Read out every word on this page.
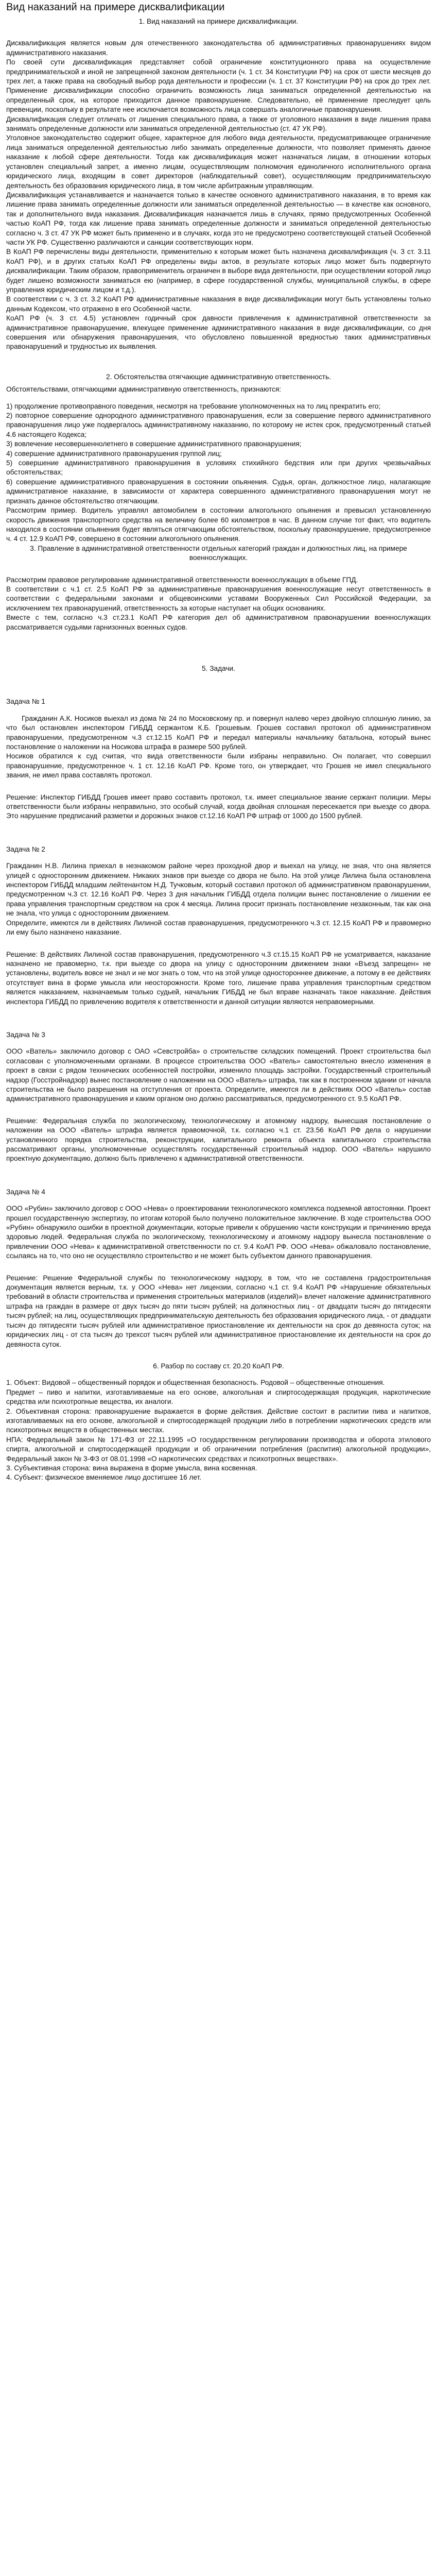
Вид наказаний на примере дисквалификации

1. Вид наказаний на примере дисквалификации.

Дисквалификация является новым для отечественного законодательства об административных правонарушениях видом административного наказания.

По своей сути дисквалификация представляет собой ограничение конституционного права на осуществление предпринимательской и иной не запрещенной законом деятельности (ч. 1 ст. 34 Конституции РФ) на срок от шести месяцев до трех лет, а также права на свободный выбор рода деятельности и профессии (ч. 1 ст. 37 Конституции РФ) на срок до трех лет. Применение дисквалификации способно ограничить возможность лица заниматься определенной деятельностью на определенный срок, на которое приходится данное правонарушение. Следовательно, её применение преследует цель превенции, поскольку в результате нее исключается возможность лица совершать аналогичные правонарушения.

Дисквалификация следует отличать от лишения специального права, а также от уголовного наказания в виде лишения права занимать определенные должности или заниматься определенной деятельностью (ст. 47 УК РФ).

Уголовное законодательство содержит общее, характерное для любого вида деятельности, предусматривающее ограничение лица заниматься определенной деятельностью либо занимать определенные должности, что позволяет применять данное наказание к любой сфере деятельности. Тогда как дисквалификация может назначаться лицам, в отношении которых установлен специальный запрет, а именно лицам, осуществляющим полномочия единоличного исполнительного органа юридического лица, входящим в совет директоров (наблюдательный совет), осуществляющим предпринимательскую деятельность без образования юридического лица, в том числе арбитражным управляющим.

Дисквалификация устанавливается и назначается только в качестве основного административного наказания, в то время как лишение права занимать определенные должности или заниматься определенной деятельностью — в качестве как основного, так и дополнительного вида наказания. Дисквалификация назначается лишь в случаях, прямо предусмотренных Особенной частью КоАП РФ, тогда как лишение права занимать определенные должности и заниматься определенной деятельностью согласно ч. 3 ст. 47 УК РФ может быть применено и в случаях, когда это не предусмотрено соответствующей статьей Особенной части УК РФ. Существенно различаются и санкции соответствующих норм.

В КоАП РФ перечислены виды деятельности, применительно к которым может быть назначена дисквалификация (ч. 3 ст. 3.11 КоАП РФ), и в других статьях КоАП РФ определены виды актов, в результате которых лицо может быть подвергнуто дисквалификации. Таким образом, правоприменитель ограничен в выборе вида деятельности, при осуществлении которой лицо будет лишено возможности заниматься ею (например, в сфере государственной службы, муниципальной службы, в сфере управления юридическим лицом и т.д.).

В соответствии с ч. 3 ст. 3.2 КоАП РФ административные наказания в виде дисквалификации могут быть установлены только данным Кодексом, что отражено в его Особенной части.

КоАП РФ (ч. 3 ст. 4.5) установлен годичный срок давности привлечения к административной ответственности за административное правонарушение, влекущее применение административного наказания в виде дисквалификации, со дня совершения или обнаружения правонарушения, что обусловлено повышенной вредностью таких административных правонарушений и трудностью их выявления.

2. Обстоятельства отягчающие административную ответственность.

Обстоятельствами, отягчающими административную ответственность, признаются:

1) продолжение противоправного поведения, несмотря на требование уполномоченных на то лиц прекратить его;

2) повторное совершение однородного административного правонарушения, если за совершение первого административного правонарушения лицо уже подвергалось административному наказанию, по которому не истек срок, предусмотренный статьей 4.6 настоящего Кодекса;

3) вовлечение несовершеннолетнего в совершение административного правонарушения;

4) совершение административного правонарушения группой лиц;

5) совершение административного правонарушения в условиях стихийного бедствия или при других чрезвычайных обстоятельствах;

6) совершение административного правонарушения в состоянии опьянения. Судья, орган, должностное лицо, налагающие административное наказание, в зависимости от характера совершенного административного правонарушения могут не признать данное обстоятельство отягчающим.

Рассмотрим пример. Водитель управлял автомобилем в состоянии алкогольного опьянения и превысил установленную скорость движения транспортного средства на величину более 60 километров в час. В данном случае тот факт, что водитель находился в состоянии опьянения будет являться отягчающим обстоятельством, поскольку правонарушение, предусмотренное ч. 4 ст. 12.9 КоАП РФ, совершено в состоянии алкогольного опьянения.

3. Правление в административной ответственности отдельных категорий граждан и должностных лиц, на примере военнослужащих.

Рассмотрим правовое регулирование административной ответственности военнослужащих в объеме ГПД.

В соответствии с ч.1 ст. 2.5 КоАП РФ за административные правонарушения военнослужащие несут ответственность в соответствии с федеральными законами и общевоинскими уставами Вооруженных Сил Российской Федерации, за исключением тех правонарушений, ответственность за которые наступает на общих основаниях.

Вместе с тем, согласно ч.3 ст.23.1 КоАП РФ категория дел об административном правонарушении военнослужащих рассматривается судьями гарнизонных военных судов.

5. Задачи.

Задача № 1

Гражданин А.К. Носиков выехал из дома № 24 по Московскому пр. и повернул налево через двойную сплошную линию, за что был остановлен инспектором ГИБДД сержантом К.Б. Грошевым. Грошев составил протокол об административном правонарушении, предусмотренном ч.3 ст.12.15 КоАП РФ и передал материалы начальнику батальона, который вынес постановление о наложении на Носикова штрафа в размере 500 рублей.

Носиков обратился к суд считая, что вида ответственности были избраны неправильно. Он полагает, что совершил правонарушение, предусмотренное ч. 1 ст. 12.16 КоАП РФ. Кроме того, он утверждает, что Грошев не имел специального звания, не имел права составлять протокол.

Решение: Инспектор ГИБДД Грошев имеет право составить протокол, т.к. имеет специальное звание сержант полиции. Меры ответственности были избраны неправильно, это особый случай, когда двойная сплошная пересекается при выезде со двора. Это нарушение предписаний разметки и дорожных знаков ст.12.16 КоАП РФ штраф от 1000 до 1500 рублей.

Задача № 2

Гражданин Н.В. Лилина приехал в незнакомом районе через проходной двор и выехал на улицу, не зная, что она является улицей с односторонним движением. Никаких знаков при выезде со двора не было. На этой улице Лилина была остановлена инспектором ГИБДД младшим лейтенантом Н.Д. Тучковым, который составил протокол об административном правонарушении, предусмотренном ч.3 ст. 12.16 КоАП РФ. Через 3 дня начальник ГИБДД отдела полиции вынес постановление о лишении ее права управления транспортным средством на срок 4 месяца. Лилина просит признать постановление незаконным, так как она не знала, что улица с односторонним движением.

Определите, имеются ли в действиях Лилиной состав правонарушения, предусмотренного ч.3 ст. 12.15 КоАП РФ и правомерно ли ему было назначено наказание.

Решение: В действиях Лилиной состав правонарушения, предусмотренного ч.3 ст.15.15 КоАП РФ не усматривается, наказание назначено не правомерно, т.к. при выезде со двора на улицу с односторонним движением знаки «Въезд запрещен» не установлены, водитель вовсе не знал и не мог знать о том, что на этой улице одностороннее движение, а потому в ее действиях отсутствует вина в форме умысла или неосторожности. Кроме того, лишение права управления транспортным средством является наказанием, назначаемым только судьей, начальник ГИБДД не был вправе назначать такое наказание. Действия инспектора ГИБДД по привлечению водителя к ответственности и данной ситуации являются неправомерными.

Задача № 3

ООО «Ватель» заключило договор с ОАО «Севстройба» о строительстве складских помещений. Проект строительства был согласован с уполномоченными органами. В процессе строительства ООО «Ватель» самостоятельно внесло изменения в проект в связи с рядом технических особенностей постройки, изменило площадь застройки. Государственный строительный надзор (Госстройнадзор) вынес постановление о наложении на ООО «Ватель» штрафа, так как в построенном здании от начала строительства не было разрешения на отступления от проекта. Определите, имеются ли в действиях ООО «Ватель» состав административного правонарушения и каким органом оно должно рассматриваться, предусмотренного ст. 9.5 КоАП РФ.

Решение: Федеральная служба по экологическому, технологическому и атомному надзору, вынесшая постановление о наложении на ООО «Ватель» штрафа является правомочной, т.к. согласно ч.1 ст. 23.56 КоАП РФ дела о нарушении установленного порядка строительства, реконструкции, капитального ремонта объекта капитального строительства рассматривают органы, уполномоченные осуществлять государственный строительный надзор. ООО «Ватель» нарушило проектную документацию, должно быть привлечено к административной ответственности.

Задача № 4

ООО «Рубин» заключило договор с ООО «Нева» о проектировании технологического комплекса подземной автостоянки. Проект прошел государственную экспертизу, по итогам которой было получено положительное заключение. В ходе строительства ООО «Рубин» обнаружило ошибки в проектной документации, которые привели к обрушению части конструкции и причинению вреда здоровью людей. Федеральная служба по экологическому, технологическому и атомному надзору вынесла постановление о привлечении ООО «Нева» к административной ответственности по ст. 9.4 КоАП РФ. ООО «Нева» обжаловало постановление, ссылаясь на то, что оно не осуществляло строительство и не может быть субъектом данного правонарушения.

Решение: Решение Федеральной службы по технологическому надзору, в том, что не составлена градостроительная документация является верным, т.к. у ООО «Нева» нет лицензии, согласно ч.1 ст. 9.4 КоАП РФ «Нарушение обязательных требований в области строительства и применения строительных материалов (изделий)» влечет наложение административного штрафа на граждан в размере от двух тысяч до пяти тысяч рублей; на должностных лиц - от двадцати тысяч до пятидесяти тысяч рублей; на лиц, осуществляющих предпринимательскую деятельность без образования юридического лица, - от двадцати тысяч до пятидесяти тысяч рублей или административное приостановление их деятельности на срок до девяноста суток; на юридических лиц - от ста тысяч до трехсот тысяч рублей или административное приостановление их деятельности на срок до девяноста суток.

6. Разбор по составу ст. 20.20 КоАП РФ.

1. Объект: Видовой – общественный порядок и общественная безопасность. Родовой – общественные отношения.

Предмет – пиво и напитки, изготавливаемые на его основе, алкогольная и спиртосодержащая продукция, наркотические средства или психотропные вещества, их аналоги.

2. Объективная сторона: правонарушение выражается в форме действия. Действие состоит в распитии пива и напитков, изготавливаемых на его основе, алкогольной и спиртосодержащей продукции либо в потреблении наркотических средств или психотропных веществ в общественных местах.

НПА: Федеральный закон № 171-ФЗ от 22.11.1995 «О государственном регулировании производства и оборота этилового спирта, алкогольной и спиртосодержащей продукции и об ограничении потребления (распития) алкогольной продукции», Федеральный закон № 3-ФЗ от 08.01.1998 «О наркотических средствах и психотропных веществах».

3. Субъективная сторона: вина выражена в форме умысла, вина косвенная.

4. Субъект: физическое вменяемое лицо достигшее 16 лет.
